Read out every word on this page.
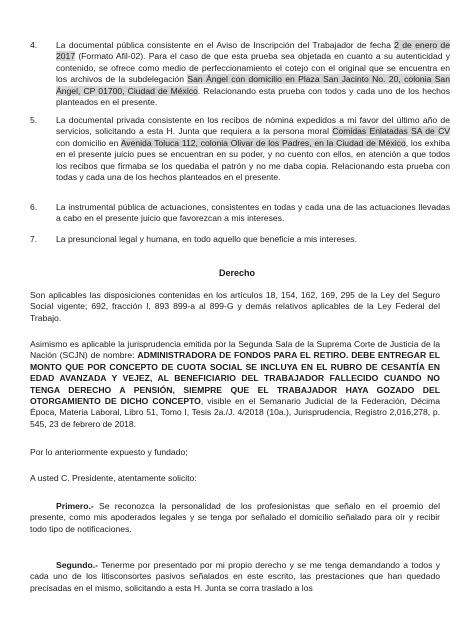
4.	La documental pública consistente en el Aviso de Inscripción del Trabajador de fecha 2 de enero de 2017 (Formato Afil-02). Para el caso de que esta prueba sea objetada en cuanto a su autenticidad y contenido, se ofrece como medio de perfeccionamiento el cotejo con el original que se encuentra en los archivos de la subdelegación San Ángel con domicilio en Plaza San Jacinto No. 20, colonia San Ángel, CP 01700, Ciudad de México. Relacionando esta prueba con todos y cada uno de los hechos planteados en el presente.
5.	La documental privada consistente en los recibos de nómina expedidos a mi favor del último año de servicios, solicitando a esta H. Junta que requiera a la persona moral Comidas Enlatadas SA de CV con domicilio en Avenida Toluca 112, colonia Olivar de los Padres, en la Ciudad de México, los exhiba en el presente juicio pues se encuentran en su poder, y no cuento con ellos, en atención a que todos los recibos que firmaba se los quedaba el patrón y no me daba copia. Relacionando esta prueba con todas y cada una de los hechos planteados en el presente.
6.	La instrumental pública de actuaciones, consistentes en todas y cada una de las actuaciones llevadas a cabo en el presente juicio que favorezcan a mis intereses.
7.	La presuncional legal y humana, en todo aquello que beneficie a mis intereses.
Derecho
Son aplicables las disposiciones contenidas en los artículos 18, 154, 162, 169, 295 de la Ley del Seguro Social vigente; 692, fracción I, 893 899-a al 899-G y demás relativos aplicables de la Ley Federal del Trabajo.
Asimismo es aplicable la jurisprudencia emitida por la Segunda Sala de la Suprema Corte de Justicia de la Nación (SCJN) de nombre: ADMINISTRADORA DE FONDOS PARA EL RETIRO. DEBE ENTREGAR EL MONTO QUE POR CONCEPTO DE CUOTA SOCIAL SE INCLUYA EN EL RUBRO DE CESANTÍA EN EDAD AVANZADA Y VEJEZ, AL BENEFICIARIO DEL TRABAJADOR FALLECIDO CUANDO NO TENGA DERECHO A PENSIÓN, SIEMPRE QUE EL TRABAJADOR HAYA GOZADO DEL OTORGAMIENTO DE DICHO CONCEPTO, visible en el Semanario Judicial de la Federación, Décima Época, Materia Laboral, Libro 51, Tomo I, Tesis 2a./J. 4/2018 (10a.), Jurisprudencia, Registro 2,016,278, p. 545, 23 de febrero de 2018.
Por lo anteriormente expuesto y fundado;
A usted C. Presidente, atentamente solicito:
Primero.- Se reconozca la personalidad de los profesionistas que señalo en el proemio del presente, como mis apoderados legales y se tenga por señalado el domicilio señalado para oír y recibir todo tipo de notificaciones.
Segundo.- Tenerme por presentado por mi propio derecho y se me tenga demandando a todos y cada uno de los litisconsortes pasivos señalados en este escrito, las prestaciones que han quedado precisadas en el mismo, solicitando a esta H. Junta se corra traslado a los
